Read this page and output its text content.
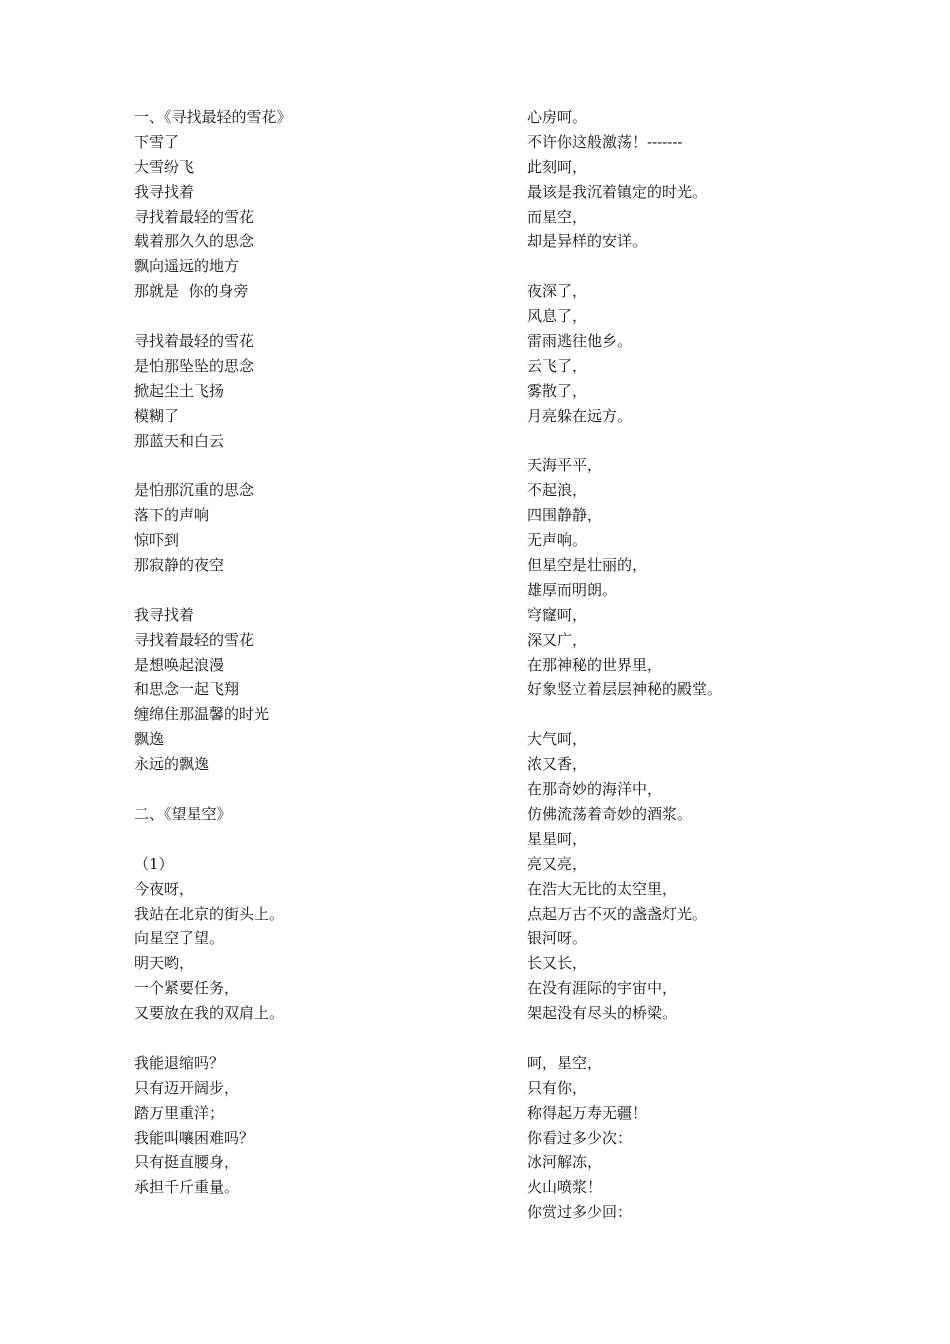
一、《寻找最轻的雪花》
下雪了
大雪纷飞
我寻找着
寻找着最轻的雪花
载着那久久的思念
飘向遥远的地方
那就是  你的身旁
寻找着最轻的雪花
是怕那坠坠的思念
掀起尘土飞扬
模糊了
那蓝天和白云
是怕那沉重的思念
落下的声响
惊吓到
那寂静的夜空
我寻找着
寻找着最轻的雪花
是想唤起浪漫
和思念一起飞翔
缠绵住那温馨的时光
飘逸
永远的飘逸
二、《望星空》
（1）
今夜呀，
我站在北京的街头上。
向星空了望。
明天哟，
一个紧要任务，
又要放在我的双肩上。
我能退缩吗？
只有迈开阔步，
踏万里重洋；
我能叫嚷困难吗？
只有挺直腰身，
承担千斤重量。
心房呵。
不许你这般激荡！-------
此刻呵，
最该是我沉着镇定的时光。
而星空，
却是异样的安详。
夜深了，
风息了，
雷雨逃往他乡。
云飞了，
雾散了，
月亮躲在远方。
天海平平，
不起浪，
四围静静，
无声响。
但星空是壮丽的，
雄厚而明朗。
穹窿呵，
深又广，
在那神秘的世界里，
好象竖立着层层神秘的殿堂。
大气呵，
浓又香，
在那奇妙的海洋中，
仿佛流荡着奇妙的酒浆。
星星呵，
亮又亮，
在浩大无比的太空里，
点起万古不灭的盏盏灯光。
银河呀。
长又长，
在没有涯际的宇宙中，
架起没有尽头的桥梁。
呵，星空，
只有你，
称得起万寿无疆！
你看过多少次：
冰河解冻，
火山喷浆！
你赏过多少回：
